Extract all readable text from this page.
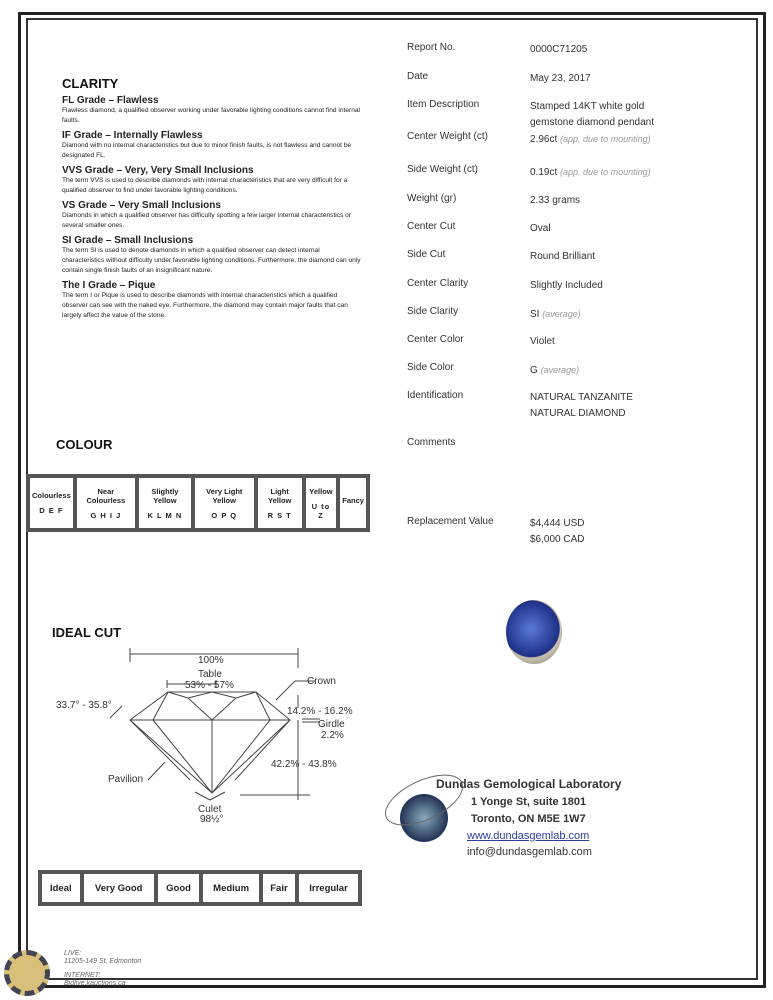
CLARITY
FL Grade – Flawless

Flawless diamond, a qualified observer working under favorable lighting conditions cannot find internal faults.

IF Grade – Internally Flawless

Diamond with no internal characteristics but due to minor finish faults, is not flawless and cannot be designated FL.

VVS Grade – Very, Very Small Inclusions

The term VVS is used to describe diamonds with internal characteristics that are very difficult for a qualified observer to find under favorable lighting conditions.

VS Grade – Very Small Inclusions

Diamonds in which a qualified observer has difficulty spotting a few larger internal characteristics or several smaller ones.

SI Grade – Small Inclusions

The term SI is used to denote diamonds in which a qualified observer can detect internal characteristics without difficulty under favorable lighting conditions. Furthermore, the diamond can only contain single finish faults of an insignificant nature.

The I Grade – Pique

The term I or Pique is used to describe diamonds with internal characteristics which a qualified observer can see with the naked eye. Furthermore, the diamond may contain major faults that can largely affect the value of the stone.

COLOUR
Colourless
D E F

Near Colourless
G H I J

Slightly Yellow
K L M N

Very Light Yellow
O P Q

Light Yellow
R S T

Yellow
U to Z

Fancy
IDEAL CUT
100%
Table
53% - 57%	Crown
33.7° - 35.8°
14.2% - 16.2%
Girdle
2.2%
42.2% - 43.8%
Pavilion
Culet
98½°
Ideal	Very Good	Good	Medium	Fair	Irregular
Report No.	0000C71205
Date	May 23, 2017
Item Description	Stamped 14KT white gold
gemstone diamond pendant
Center Weight (ct)	2.96ct (app. due to mounting)
Side Weight (ct)	0.19ct (app. due to mounting)
Weight (gr)	2.33 grams
Center Cut	Oval
Side Cut	Round Brilliant
Center Clarity	Slightly Included
Side Clarity	SI (average)
Center Color	Violet
Side Color	G (average)
Identification	NATURAL TANZANITE
NATURAL DIAMOND
Comments
Replacement Value	$4,444 USD
$6,000 CAD
Dundas Gemological Laboratory
1 Yonge St, suite 1801
Toronto, ON M5E 1W7
www.dundasgemlab.com
info@dundasgemlab.com
LIVE:
11205-149 St. Edmonton
INTERNET:
Bidlive.kauctions.ca
